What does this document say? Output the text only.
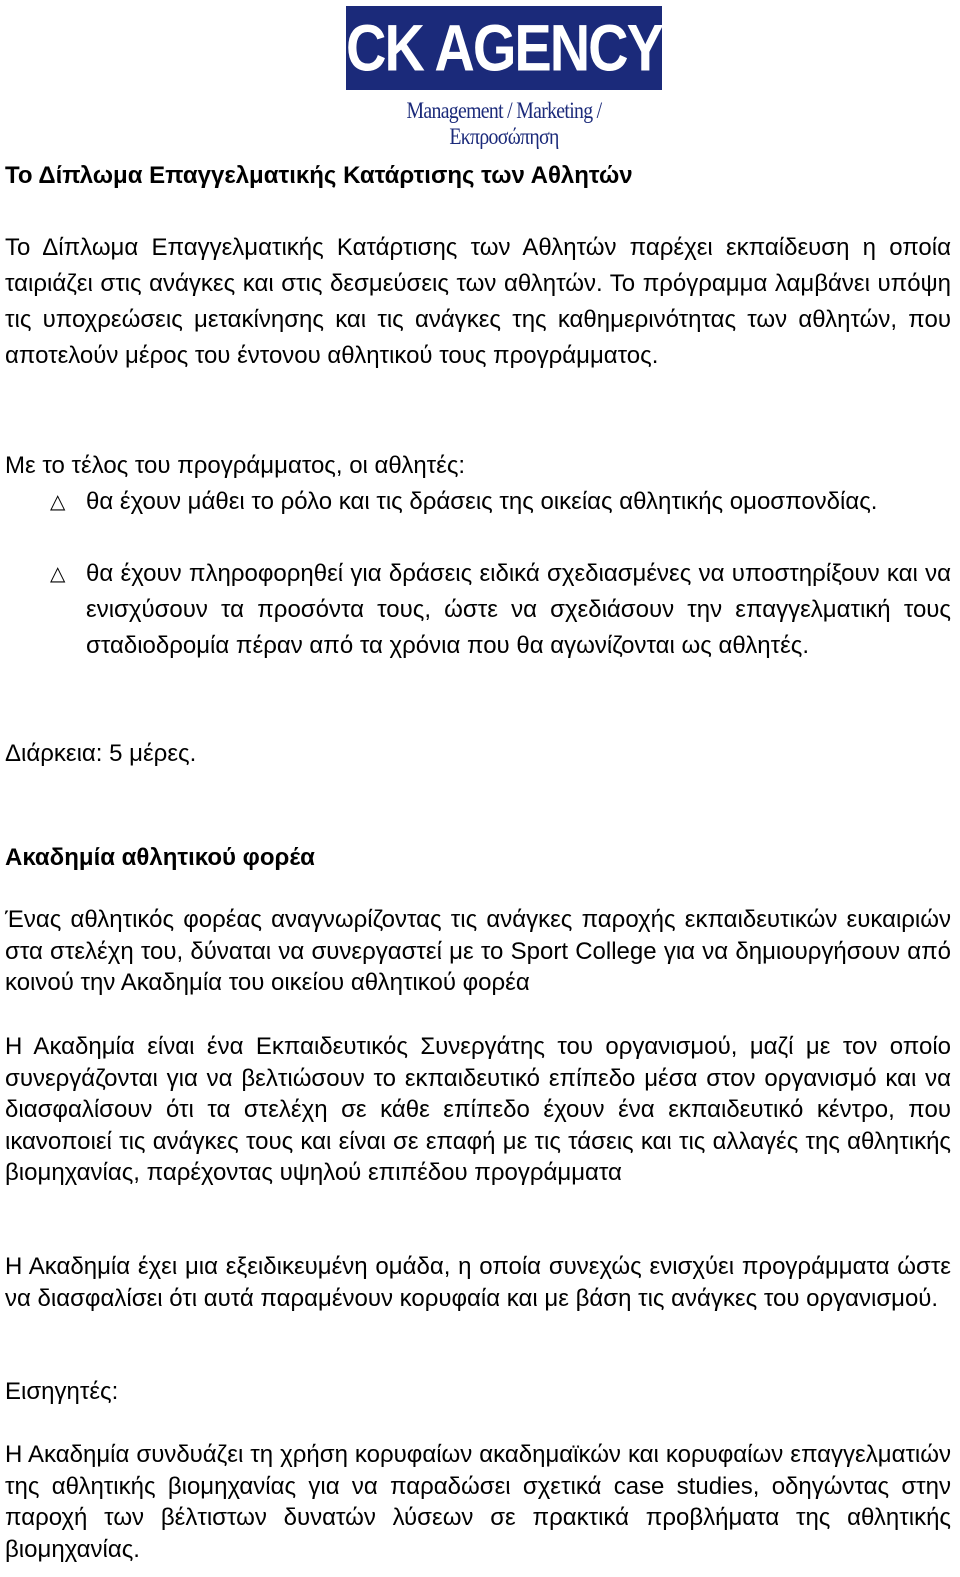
CK AGENCY
Management / Marketing / Εκπροσώπηση
Το Δίπλωμα Επαγγελματικής Κατάρτισης των Αθλητών
Το Δίπλωμα Επαγγελματικής Κατάρτισης των Αθλητών παρέχει εκπαίδευση η οποία ταιριάζει στις ανάγκες και στις δεσμεύσεις των αθλητών. Το πρόγραμμα λαμβάνει υπόψη τις υποχρεώσεις μετακίνησης και τις ανάγκες της καθημερινότητας των αθλητών, που αποτελούν μέρος του έντονου αθλητικού τους προγράμματος.
Με το τέλος του προγράμματος, οι αθλητές:
△ θα έχουν μάθει το ρόλο και τις δράσεις της οικείας αθλητικής ομοσπονδίας.
△ θα έχουν πληροφορηθεί για δράσεις ειδικά σχεδιασμένες να υποστηρίξουν και να ενισχύσουν τα προσόντα τους, ώστε να σχεδιάσουν την επαγγελματική τους σταδιοδρομία πέραν από τα χρόνια που θα αγωνίζονται ως αθλητές.
Διάρκεια: 5 μέρες.
Ακαδημία αθλητικού φορέα
Ένας αθλητικός φορέας αναγνωρίζοντας τις ανάγκες παροχής εκπαιδευτικών ευκαιριών στα στελέχη του, δύναται να συνεργαστεί με το Sport College για να δημιουργήσουν από κοινού την Ακαδημία του οικείου αθλητικού φορέα
Η Ακαδημία είναι ένα Εκπαιδευτικός Συνεργάτης του οργανισμού, μαζί με τον οποίο συνεργάζονται για να βελτιώσουν το εκπαιδευτικό επίπεδο μέσα στον οργανισμό και να διασφαλίσουν ότι τα στελέχη σε κάθε επίπεδο έχουν ένα εκπαιδευτικό κέντρο, που ικανοποιεί τις ανάγκες τους και είναι σε επαφή με τις τάσεις και τις αλλαγές της αθλητικής βιομηχανίας, παρέχοντας υψηλού επιπέδου προγράμματα
Η Ακαδημία έχει μια εξειδικευμένη ομάδα, η οποία συνεχώς ενισχύει προγράμματα ώστε να διασφαλίσει ότι αυτά παραμένουν κορυφαία και με βάση τις ανάγκες του οργανισμού.
Εισηγητές:
Η Ακαδημία συνδυάζει τη χρήση κορυφαίων ακαδημαϊκών και κορυφαίων επαγγελματιών της αθλητικής βιομηχανίας για να παραδώσει σχετικά case studies, οδηγώντας στην παροχή των βέλτιστων δυνατών λύσεων σε πρακτικά προβλήματα της αθλητικής βιομηχανίας.
